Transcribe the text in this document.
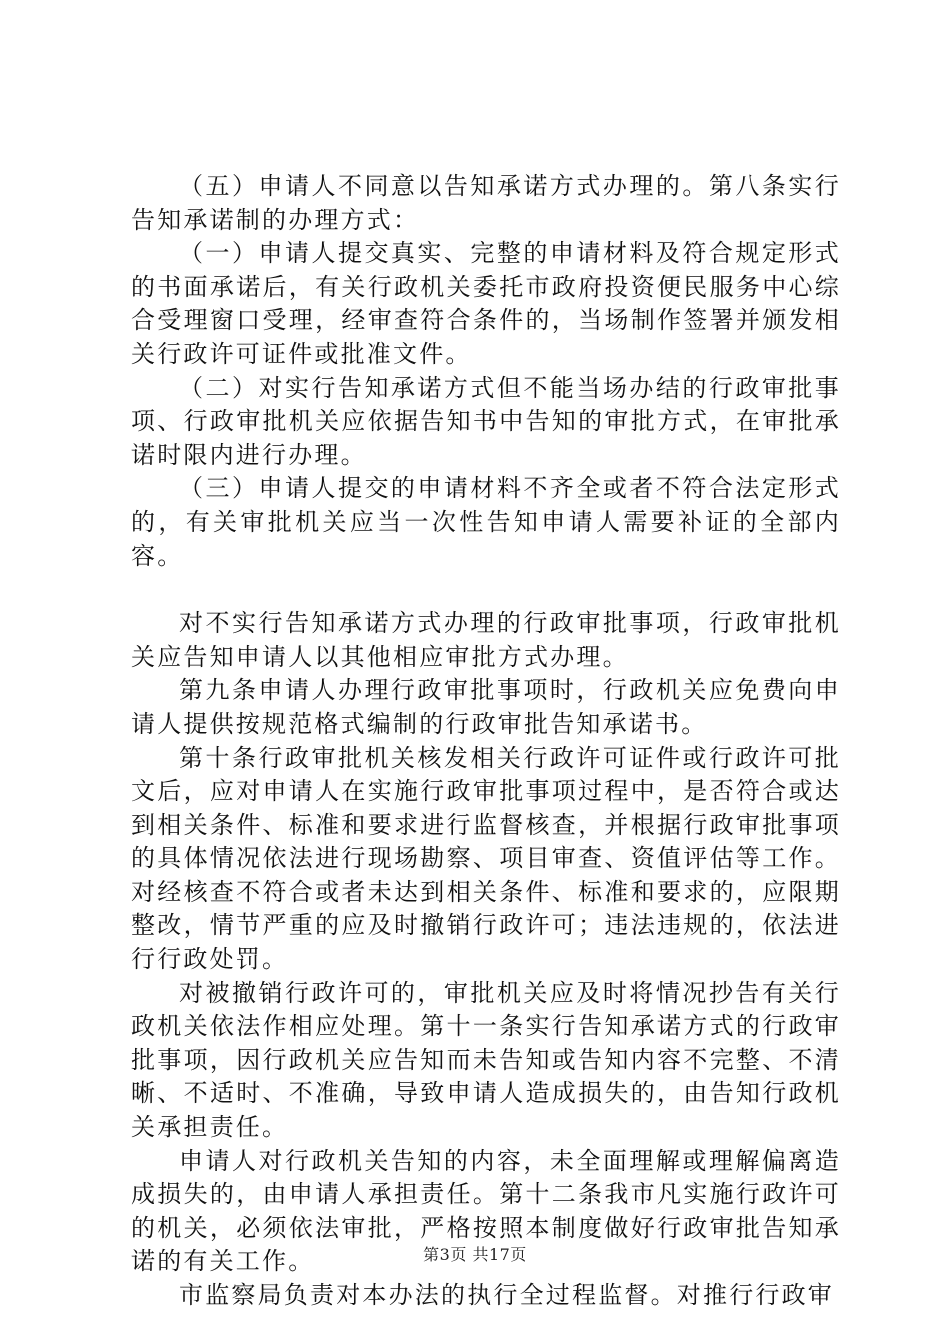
（五）申请人不同意以告知承诺方式办理的。第八条实行告知承诺制的办理方式：

（一）申请人提交真实、完整的申请材料及符合规定形式的书面承诺后，有关行政机关委托市政府投资便民服务中心综合受理窗口受理，经审查符合条件的，当场制作签署并颁发相关行政许可证件或批准文件。

（二）对实行告知承诺方式但不能当场办结的行政审批事项、行政审批机关应依据告知书中告知的审批方式，在审批承诺时限内进行办理。

（三）申请人提交的申请材料不齐全或者不符合法定形式的，有关审批机关应当一次性告知申请人需要补证的全部内容。

对不实行告知承诺方式办理的行政审批事项，行政审批机关应告知申请人以其他相应审批方式办理。

第九条申请人办理行政审批事项时，行政机关应免费向申请人提供按规范格式编制的行政审批告知承诺书。

第十条行政审批机关核发相关行政许可证件或行政许可批文后，应对申请人在实施行政审批事项过程中，是否符合或达到相关条件、标准和要求进行监督核查，并根据行政审批事项的具体情况依法进行现场勘察、项目审查、资值评估等工作。对经核查不符合或者未达到相关条件、标准和要求的，应限期整改，情节严重的应及时撤销行政许可；违法违规的，依法进行行政处罚。

对被撤销行政许可的，审批机关应及时将情况抄告有关行政机关依法作相应处理。第十一条实行告知承诺方式的行政审批事项，因行政机关应告知而未告知或告知内容不完整、不清晰、不适时、不准确，导致申请人造成损失的，由告知行政机关承担责任。

申请人对行政机关告知的内容，未全面理解或理解偏离造成损失的，由申请人承担责任。第十二条我市凡实施行政许可的机关，必须依法审批，严格按照本制度做好行政审批告知承诺的有关工作。

市监察局负责对本办法的执行全过程监督。对推行行政审

第3页 共17页
